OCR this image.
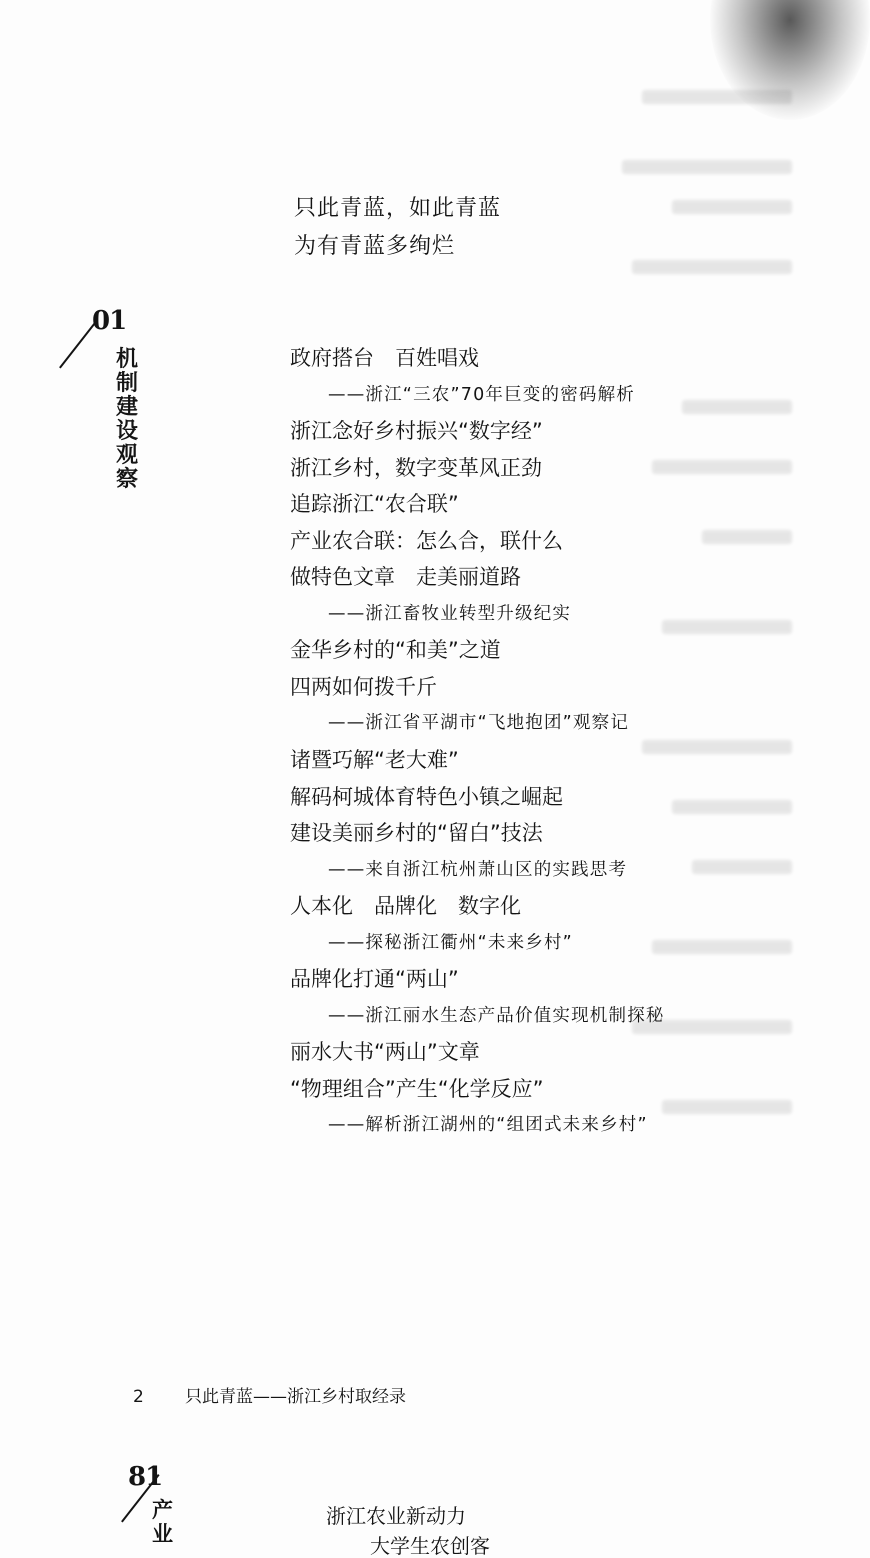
只此青蓝，如此青蓝
为有青蓝多绚烂
01
机制建设观察
政府搭台　百姓唱戏
——浙江“三农”70年巨变的密码解析
浙江念好乡村振兴“数字经”
浙江乡村，数字变革风正劲
追踪浙江“农合联”
产业农合联：怎么合，联什么
做特色文章　走美丽道路
——浙江畜牧业转型升级纪实
金华乡村的“和美”之道
四两如何拨千斤
——浙江省平湖市“飞地抱团”观察记
诸暨巧解“老大难”
解码柯城体育特色小镇之崛起
建设美丽乡村的“留白”技法
——来自浙江杭州萧山区的实践思考
人本化　品牌化　数字化
——探秘浙江衢州“未来乡村”
品牌化打通“两山”
——浙江丽水生态产品价值实现机制探秘
丽水大书“两山”文章
“物理组合”产生“化学反应”
——解析浙江湖州的“组团式未来乡村”
2 只此青蓝——浙江乡村取经录
81
产业
浙江农业新动力
大学生农创客
